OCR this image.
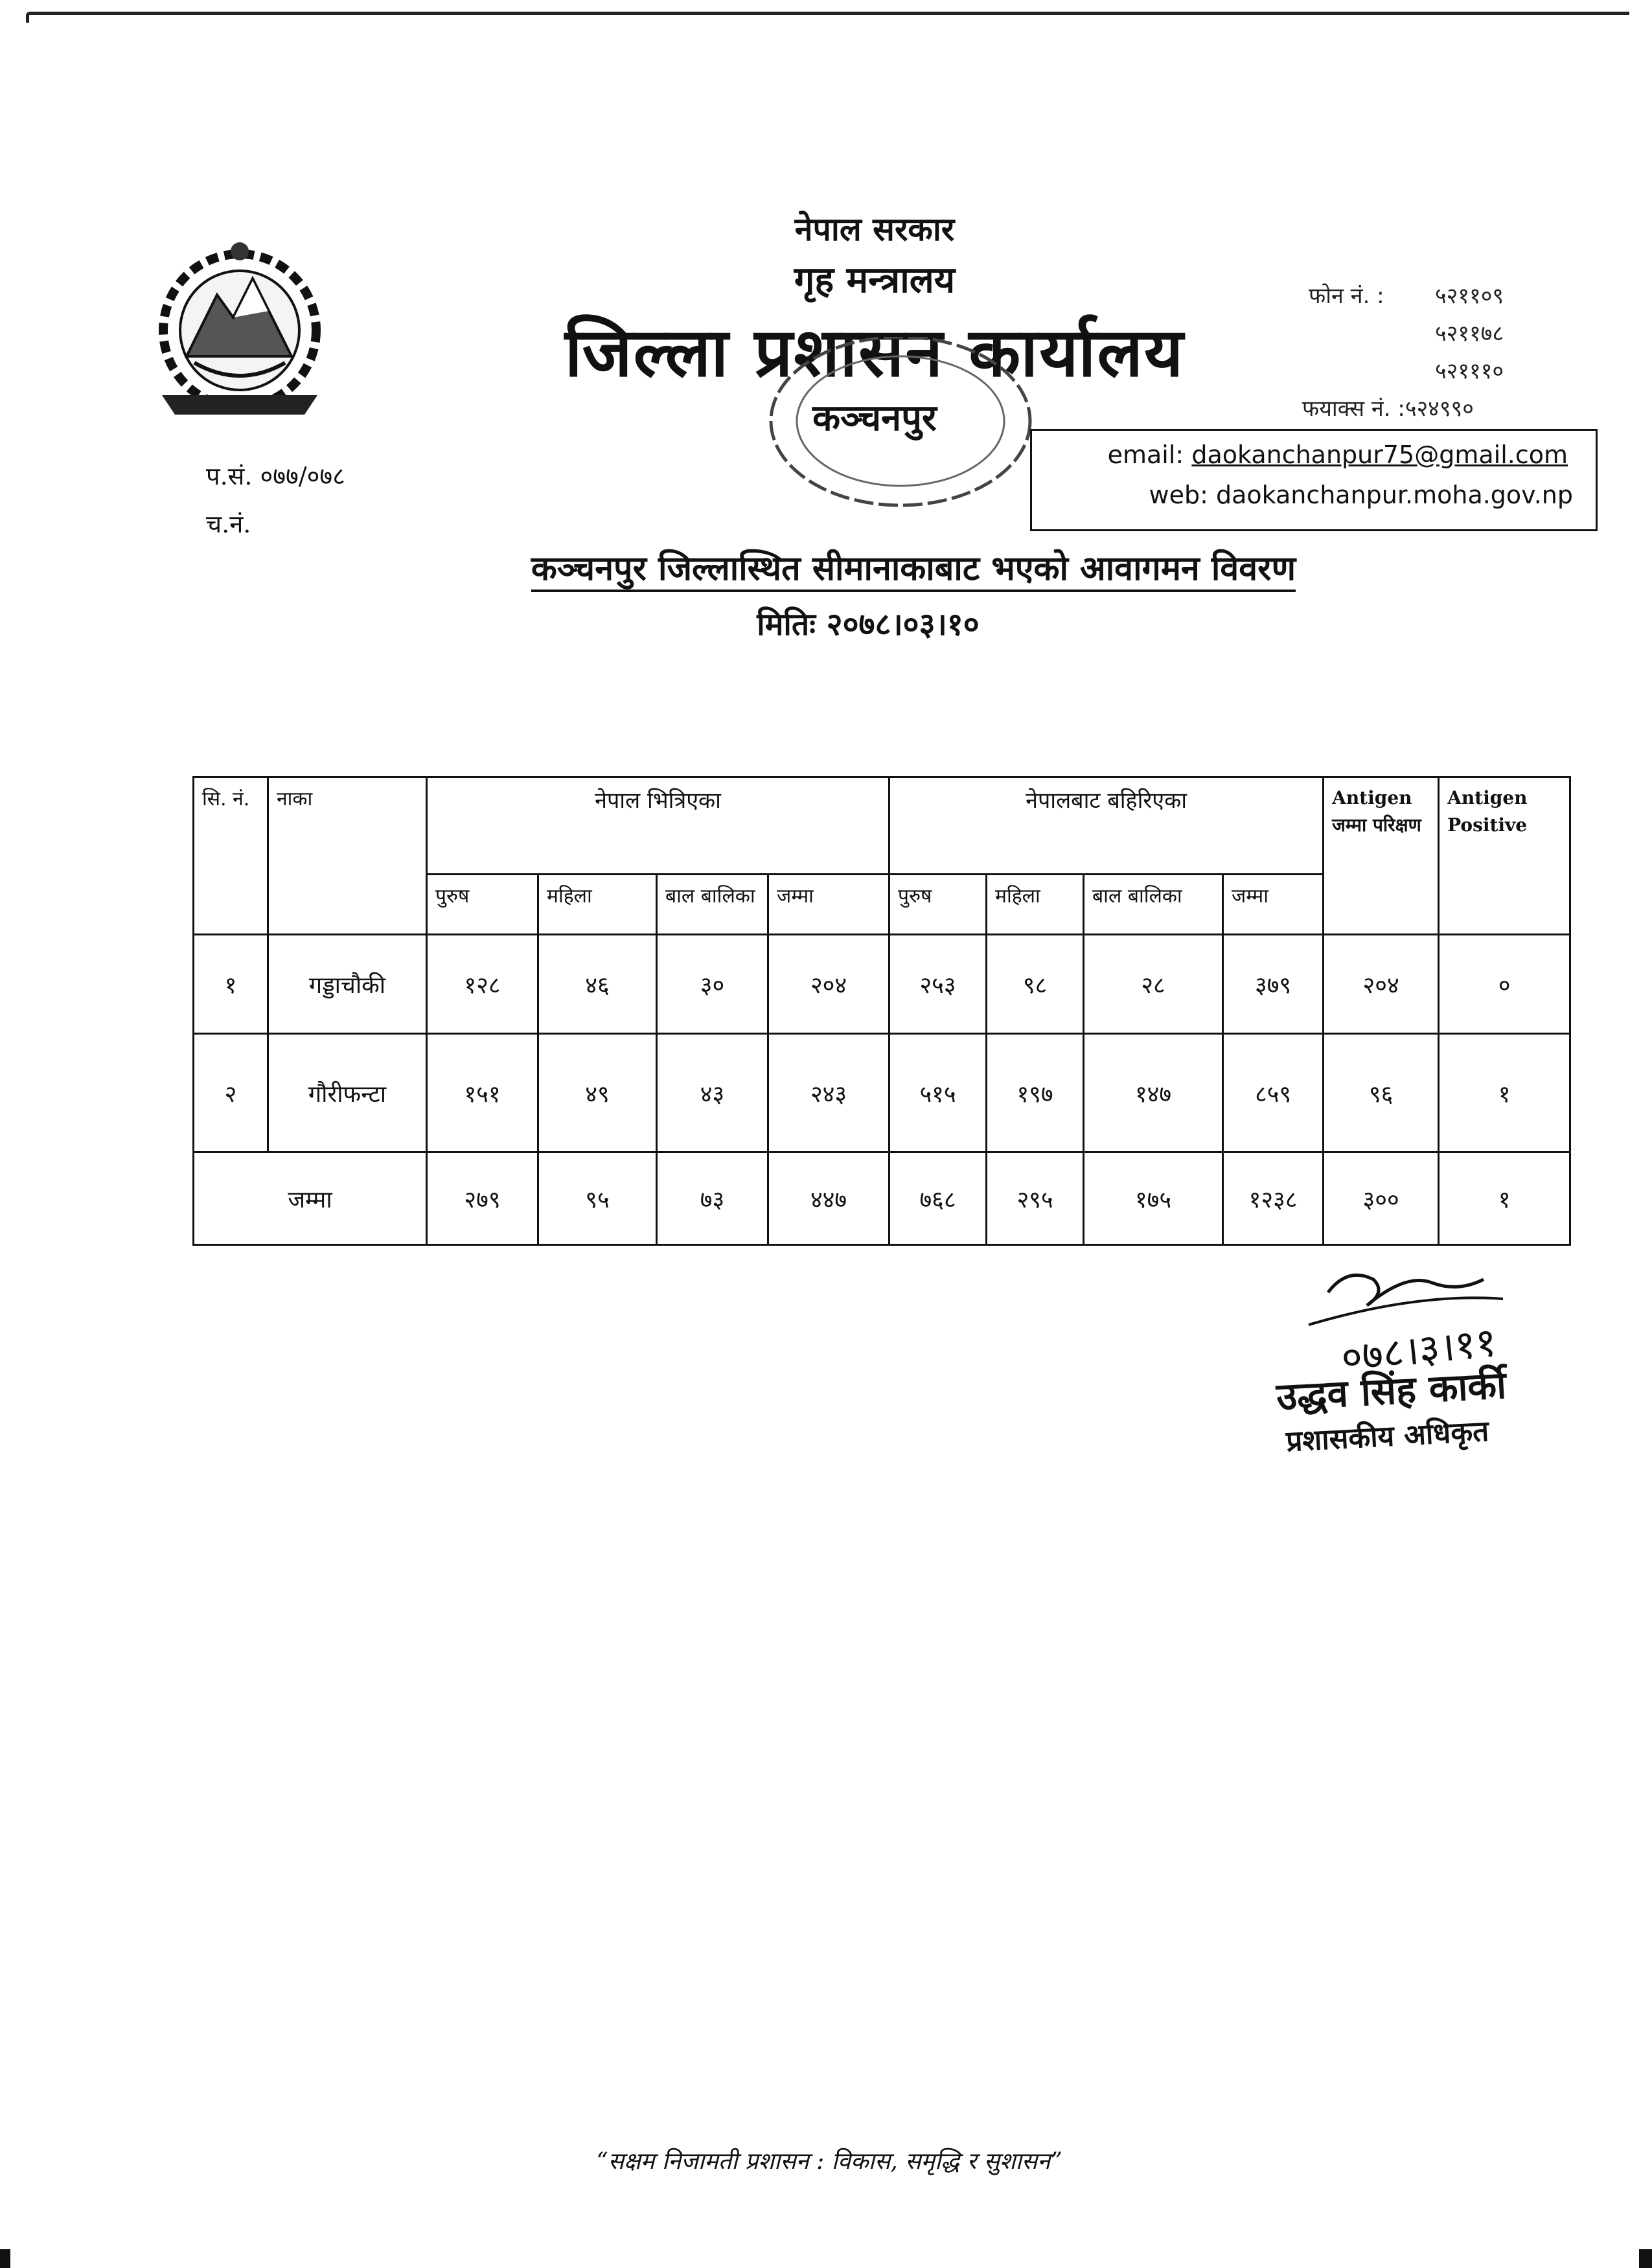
नेपाल सरकार
गृह मन्त्रालय
जिल्ला प्रशासन कार्यालय
कञ्चनपुर
फोन नं. : ५२११०९
५२११७८
५२१११०
फयाक्स नं. :५२४९९०
email: daokanchanpur75@gmail.com
web: daokanchanpur.moha.gov.np
प.सं. ०७७/०७८
च.नं.
कञ्चनपुर जिल्लास्थित सीमानाकाबाट भएको आवागमन विवरण
मितिः २०७८।०३।१०
सि. नं.	नाका	नेपाल भित्रिएका				नेपालबाट बहिरिएका				Antigen जम्मा परिक्षण	Antigen Positive
		पुरुष	महिला	बाल बालिका	जम्मा	पुरुष	महिला	बाल बालिका	जम्मा		
१	गड्डाचौकी	१२८	४६	३०	२०४	२५३	९८	२८	३७९	२०४	०
२	गौरीफन्टा	१५१	४९	४३	२४३	५१५	१९७	१४७	८५९	९६	१
जम्मा		२७९	९५	७३	४४७	७६८	२९५	१७५	१२३८	३००	१
०७८।३।११
उद्धव सिंह कार्की
प्रशासकीय अधिकृत
“सक्षम निजामती प्रशासन : विकास, समृद्धि र सुशासन”
